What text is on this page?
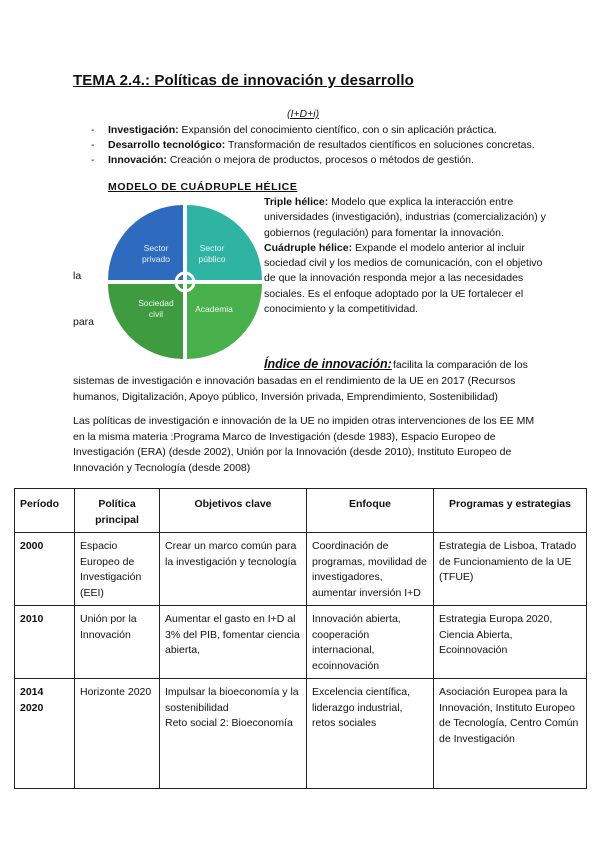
TEMA 2.4.: Políticas de innovación y desarrollo
(I+D+i)
- Investigación: Expansión del conocimiento científico, con o sin aplicación práctica.
- Desarrollo tecnológico: Transformación de resultados científicos en soluciones concretas.
- Innovación: Creación o mejora de productos, procesos o métodos de gestión.
MODELO DE CUÁDRUPLE HÉLICE
Sector
privado
Sector
público
Sociedad
civil	Academia
la
para
Triple hélice: Modelo que explica la interacción entre universidades (investigación), industrias (comercialización) y gobiernos (regulación) para fomentar la innovación.
Cuádruple hélice: Expande el modelo anterior al incluir sociedad civil y los medios de comunicación, con el objetivo de que la innovación responda mejor a las necesidades sociales. Es el enfoque adoptado por la UE fortalecer el conocimiento y la competitividad.
Índice de innovación: facilita la comparación de los
sistemas de investigación e innovación basadas en el rendimiento de la UE en 2017 (Recursos humanos, Digitalización, Apoyo público, Inversión privada, Emprendimiento, Sostenibilidad)
Las políticas de investigación e innovación de la UE no impiden otras intervenciones de los EE MM en la misma materia :Programa Marco de Investigación (desde 1983), Espacio Europeo de Investigación (ERA) (desde 2002), Unión por la Innovación (desde 2010), Instituto Europeo de Innovación y Tecnología (desde 2008)
Período	Política principal	Objetivos clave	Enfoque	Programas y estrategias
2000	Espacio Europeo de Investigación (EEI)	Crear un marco común para la investigación y tecnología	Coordinación de programas, movilidad de investigadores, aumentar inversión I+D	Estrategia de Lisboa, Tratado de Funcionamiento de la UE (TFUE)
2010	Unión por la Innovación	Aumentar el gasto en I+D al 3% del PIB, fomentar ciencia abierta,	Innovación abierta, cooperación internacional, ecoinnovación	Estrategia Europa 2020, Ciencia Abierta, Ecoinnovación
2014
2020	Horizonte 2020	Impulsar la bioeconomía y la sostenibilidad
Reto social 2: Bioeconomía	Excelencia científica, liderazgo industrial, retos sociales	Asociación Europea para la Innovación, Instituto Europeo de Tecnología, Centro Común de Investigación
